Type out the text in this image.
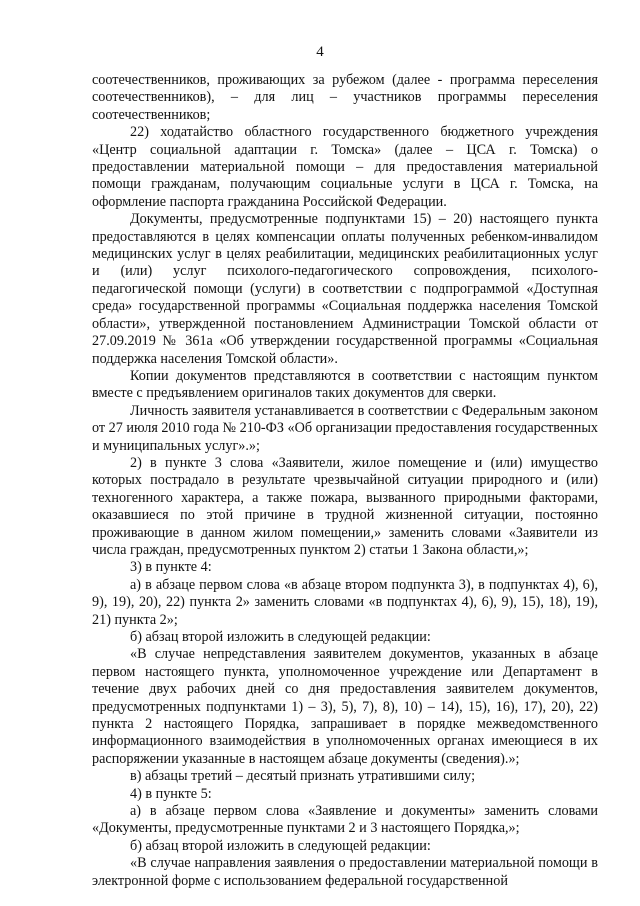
4

соотечественников, проживающих за рубежом (далее - программа переселения соотечественников), – для лиц – участников программы переселения соотечественников;

22) ходатайство областного государственного бюджетного учреждения «Центр социальной адаптации г. Томска» (далее – ЦСА г. Томска) о предоставлении материальной помощи – для предоставления материальной помощи гражданам, получающим социальные услуги в ЦСА г. Томска, на оформление паспорта гражданина Российской Федерации.

Документы, предусмотренные подпунктами 15) – 20) настоящего пункта предоставляются в целях компенсации оплаты полученных ребенком-инвалидом медицинских услуг в целях реабилитации, медицинских реабилитационных услуг и (или) услуг психолого-педагогического сопровождения, психолого-педагогической помощи (услуги) в соответствии с подпрограммой «Доступная среда» государственной программы «Социальная поддержка населения Томской области», утвержденной постановлением Администрации Томской области от 27.09.2019 № 361а «Об утверждении государственной программы «Социальная поддержка населения Томской области».

Копии документов представляются в соответствии с настоящим пунктом вместе с предъявлением оригиналов таких документов для сверки.

Личность заявителя устанавливается в соответствии с Федеральным законом от 27 июля 2010 года № 210-ФЗ «Об организации предоставления государственных и муниципальных услуг».»;

2) в пункте 3 слова «Заявители, жилое помещение и (или) имущество которых пострадало в результате чрезвычайной ситуации природного и (или) техногенного характера, а также пожара, вызванного природными факторами, оказавшиеся по этой причине в трудной жизненной ситуации, постоянно проживающие в данном жилом помещении,» заменить словами «Заявители из числа граждан, предусмотренных пунктом 2) статьи 1 Закона области,»;

3) в пункте 4:

а) в абзаце первом слова «в абзаце втором подпункта 3), в подпунктах 4), 6), 9), 19), 20), 22) пункта 2» заменить словами «в подпунктах 4), 6), 9), 15), 18), 19), 21) пункта 2»;

б) абзац второй изложить в следующей редакции:

«В случае непредставления заявителем документов, указанных в абзаце первом настоящего пункта, уполномоченное учреждение или Департамент в течение двух рабочих дней со дня предоставления заявителем документов, предусмотренных подпунктами 1) – 3), 5), 7), 8), 10) – 14), 15), 16), 17), 20), 22) пункта 2 настоящего Порядка, запрашивает в порядке межведомственного информационного взаимодействия в уполномоченных органах имеющиеся в их распоряжении указанные в настоящем абзаце документы (сведения).»;

в) абзацы третий – десятый признать утратившими силу;

4) в пункте 5:

а) в абзаце первом слова «Заявление и документы» заменить словами «Документы, предусмотренные пунктами 2 и 3 настоящего Порядка,»;

б) абзац второй изложить в следующей редакции:

«В случае направления заявления о предоставлении материальной помощи в электронной форме с использованием федеральной государственной
